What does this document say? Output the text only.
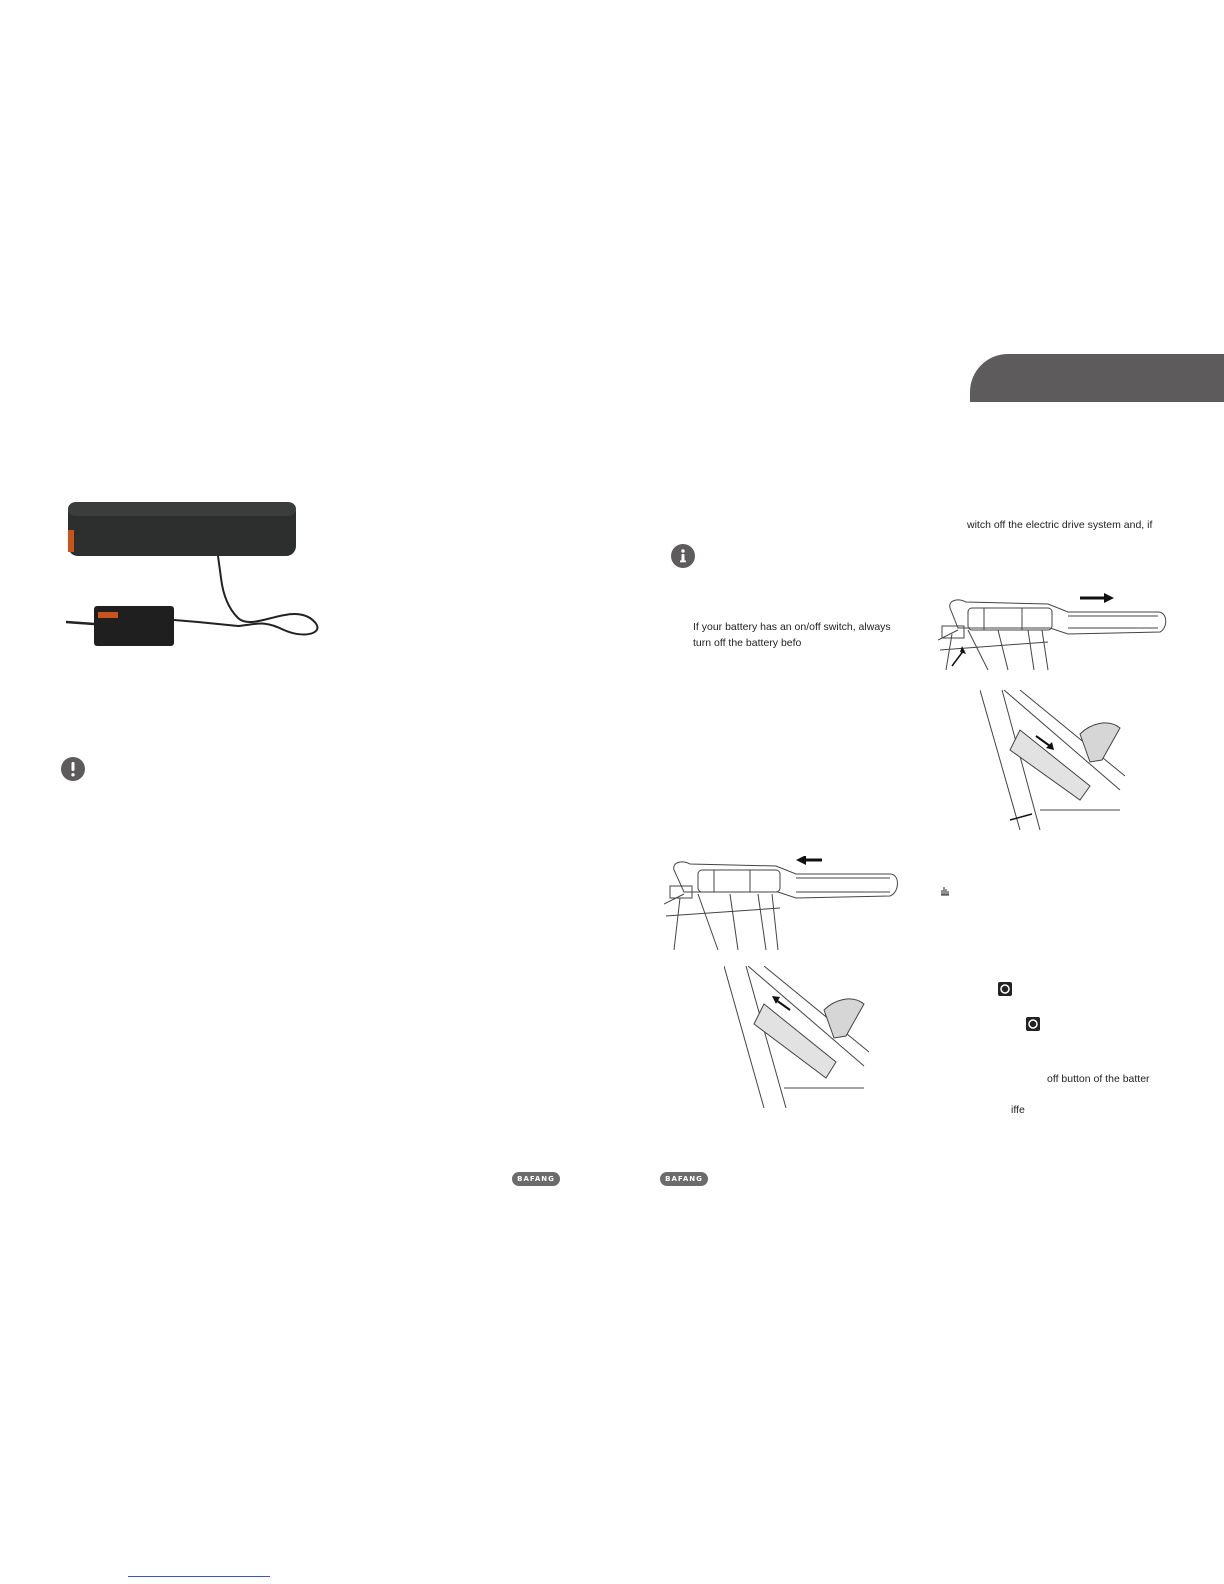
witch off the electric drive system and, if
If your battery has an on/off switch, always
turn off the battery befo
off button of the batter
iffe
BAFANG	BAFANG
